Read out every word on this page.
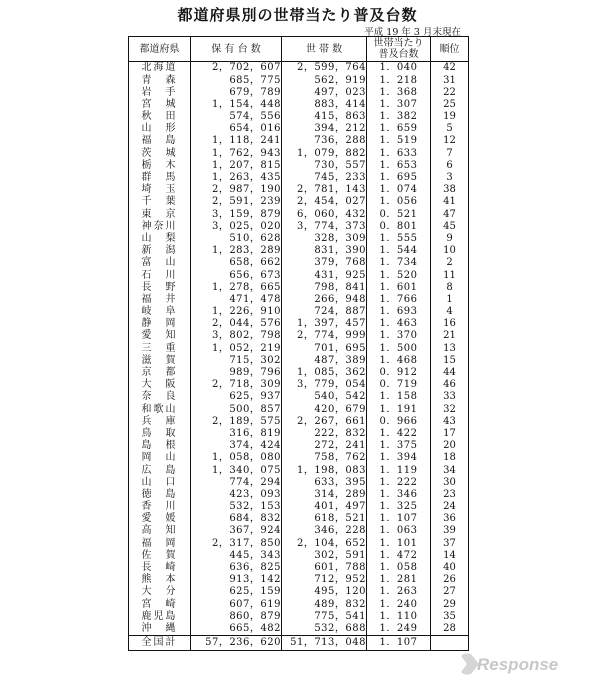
都道府県別の世帯当たり普及台数
平成 19 年 3 月末現在
都道府県	保 有 台 数	世 帯 数	世帯当たり
普及台数	順位
北海道	2，702，607	2，599，764	1．040	42
青　森	685，775	562，919	1．218	31
岩　手	679，789	497，023	1．368	22
宮　城	1，154，448	883，414	1．307	25
秋　田	574，556	415，863	1．382	19
山　形	654，016	394，212	1．659	5
福　島	1，118，241	736，288	1．519	12
茨　城	1，762，943	1，079，882	1．633	7
栃　木	1，207，815	730，557	1．653	6
群　馬	1，263，435	745，233	1．695	3
埼　玉	2，987，190	2，781，143	1．074	38
千　葉	2，591，239	2，454，027	1．056	41
東　京	3，159，879	6，060，432	0．521	47
神奈川	3，025，020	3，774，373	0．801	45
山　梨	510，628	328，309	1．555	9
新　潟	1，283，289	831，390	1．544	10
富　山	658，662	379，768	1．734	2
石　川	656，673	431，925	1．520	11
長　野	1，278，665	798，841	1．601	8
福　井	471，478	266，948	1．766	1
岐　阜	1，226，910	724，887	1．693	4
静　岡	2，044，576	1，397，457	1．463	16
愛　知	3，802，798	2，774，999	1．370	21
三　重	1，052，219	701，695	1．500	13
滋　賀	715，302	487，389	1．468	15
京　都	989，796	1，085，362	0．912	44
大　阪	2，718，309	3，779，054	0．719	46
奈　良	625，937	540，542	1．158	33
和歌山	500，857	420，679	1．191	32
兵　庫	2，189，575	2，267，661	0．966	43
鳥　取	316，819	222，832	1．422	17
島　根	374，424	272，241	1．375	20
岡　山	1，058，080	758，762	1．394	18
広　島	1，340，075	1，198，083	1．119	34
山　口	774，294	633，395	1．222	30
徳　島	423，093	314，289	1．346	23
香　川	532，153	401，497	1．325	24
愛　媛	684，832	618，521	1．107	36
高　知	367，924	346，228	1．063	39
福　岡	2，317，850	2，104，652	1．101	37
佐　賀	445，343	302，591	1．472	14
長　崎	636，825	601，788	1．058	40
熊　本	913，142	712，952	1．281	26
大　分	625，159	495，120	1．263	27
宮　崎	607，619	489，832	1．240	29
鹿児島	860，879	775，541	1．110	35
沖　縄	665，482	532，688	1．249	28
全国計	57，236，620	51，713，048	1．107	
Response
